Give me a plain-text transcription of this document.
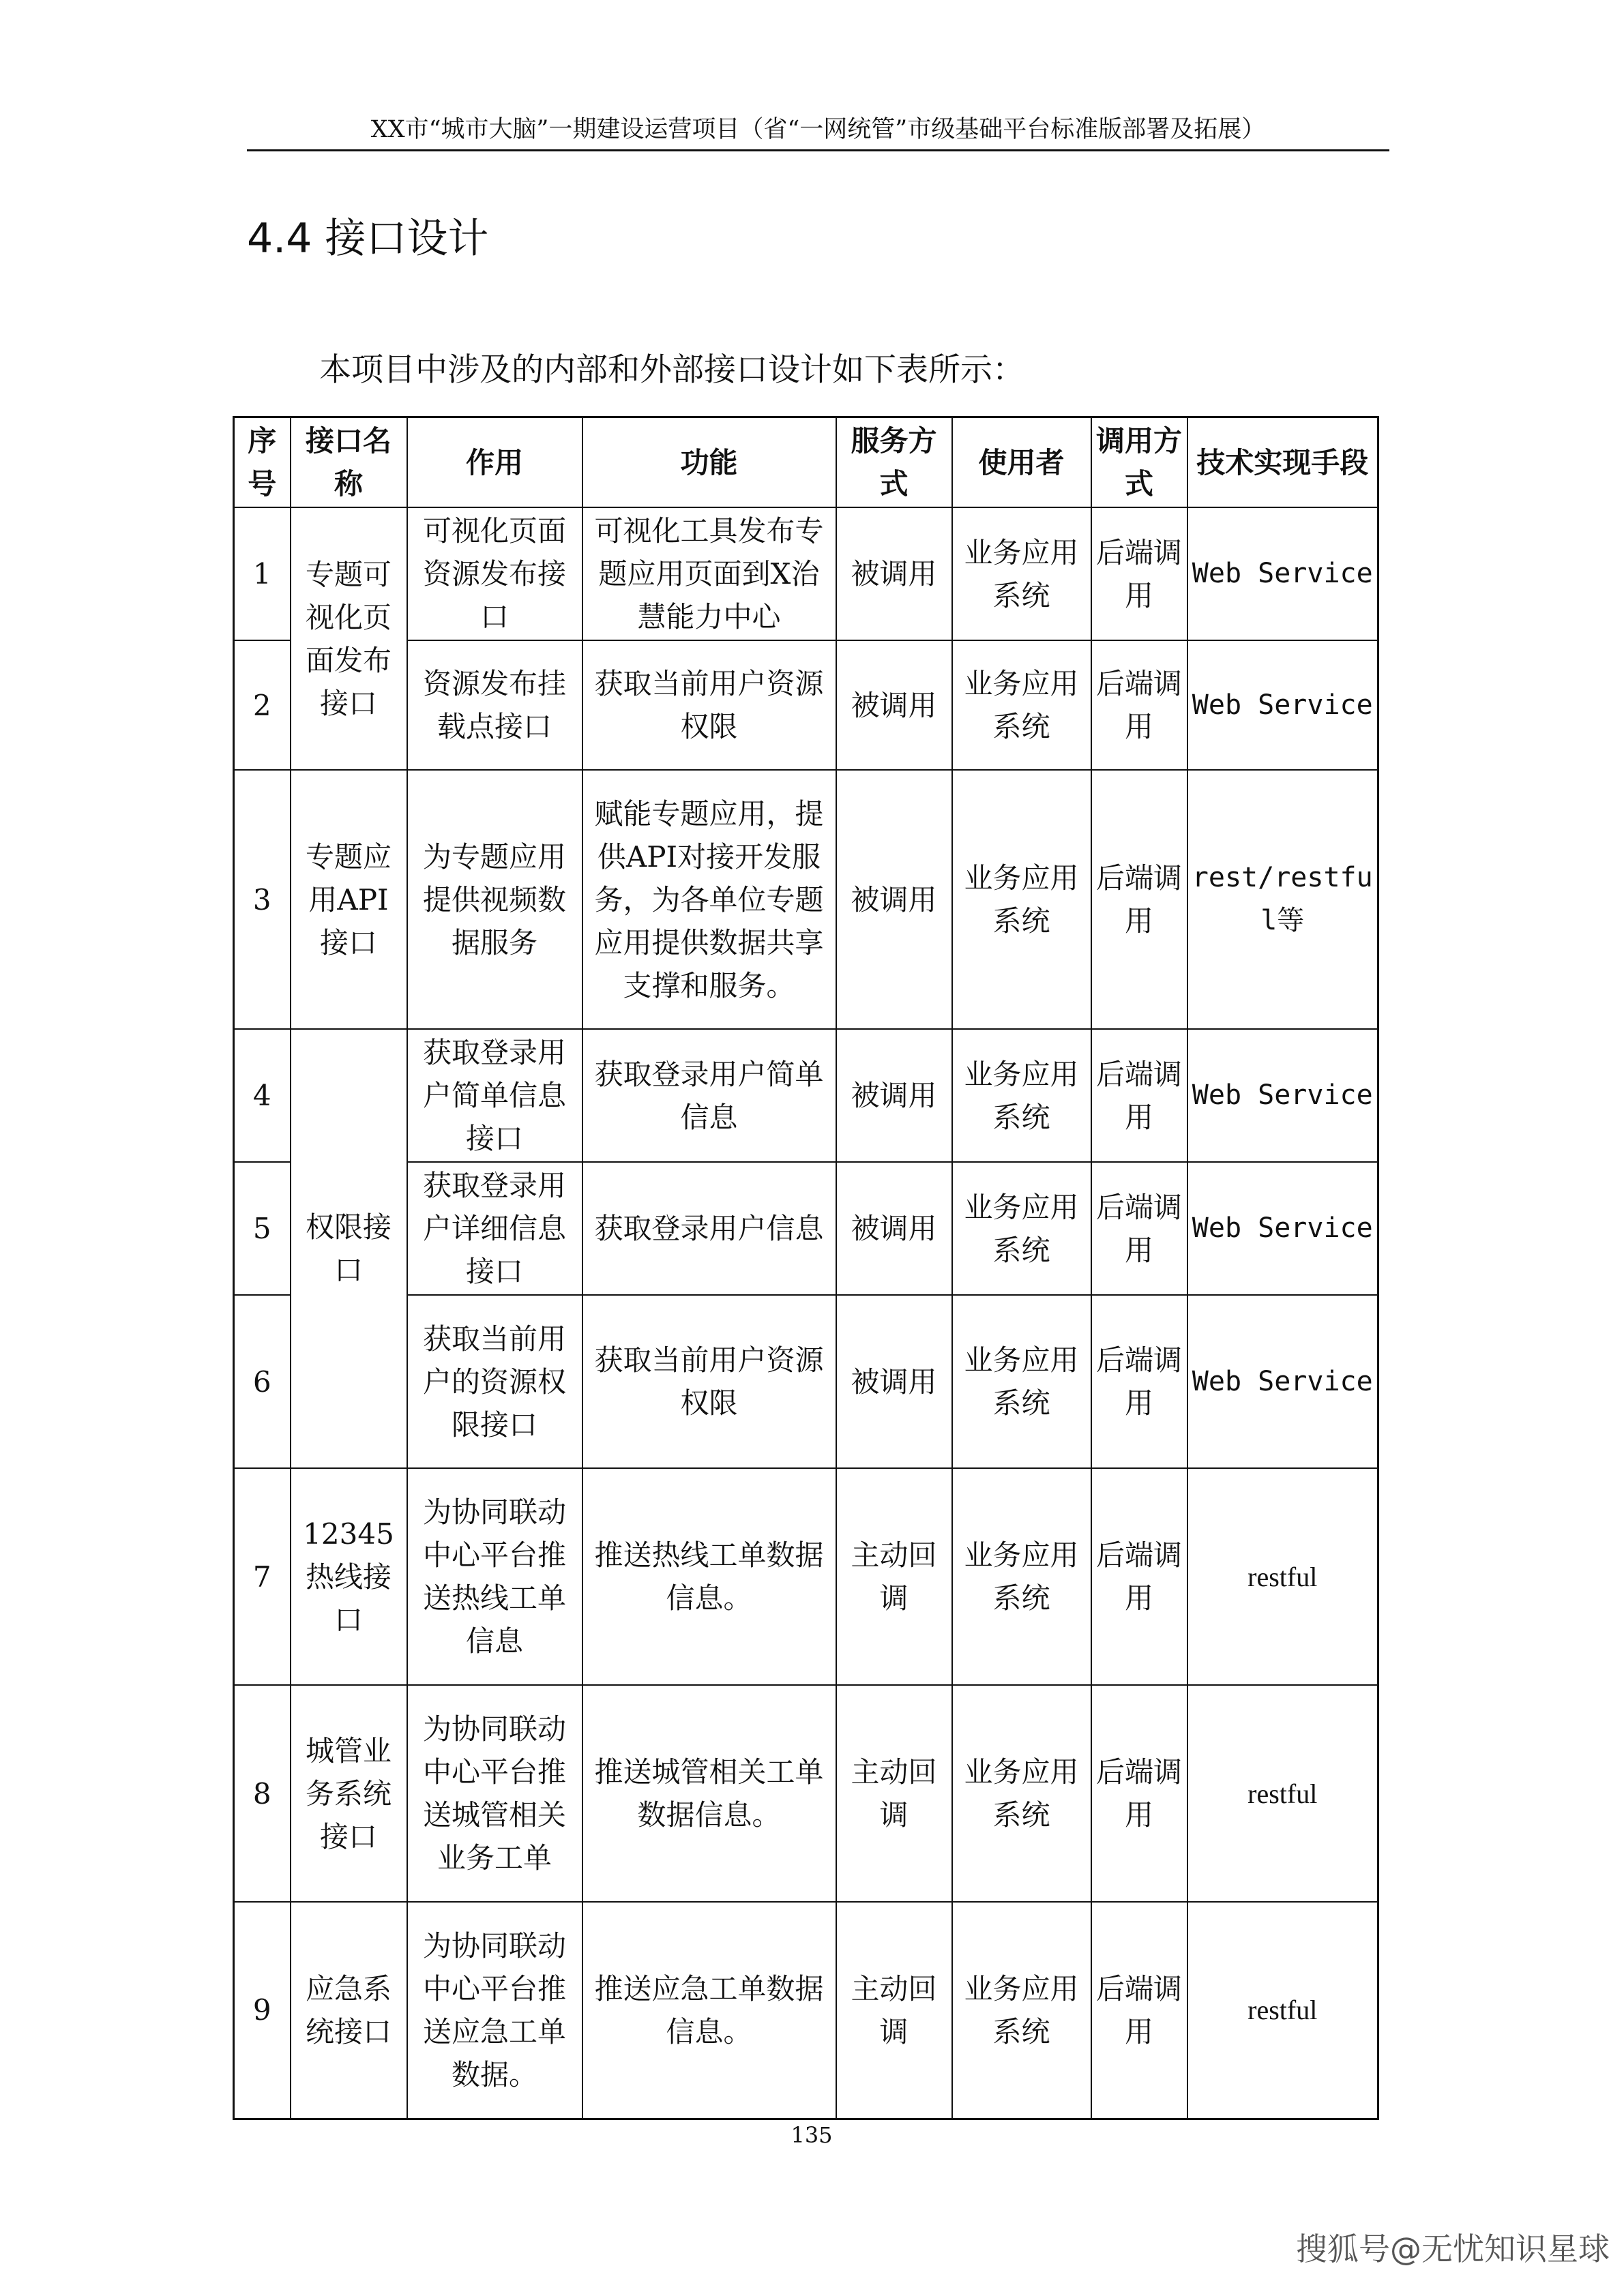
XX市“城市大脑”一期建设运营项目（省“一网统管”市级基础平台标准版部署及拓展）
4.4 接口设计

本项目中涉及的内部和外部接口设计如下表所示：

序号	接口名称	作用	功能	服务方式	使用者	调用方式	技术实现手段
1	专题可视化页面发布接口	可视化页面资源发布接口	可视化工具发布专题应用页面到X治慧能力中心	被调用	业务应用系统	后端调用	Web Service
2		资源发布挂载点接口	获取当前用户资源权限	被调用	业务应用系统	后端调用	Web Service
3	专题应用API接口	为专题应用提供视频数据服务	赋能专题应用，提供API对接开发服务，为各单位专题应用提供数据共享支撑和服务。	被调用	业务应用系统	后端调用	rest/restful等
4	权限接口	获取登录用户简单信息接口	获取登录用户简单信息	被调用	业务应用系统	后端调用	Web Service
5		获取登录用户详细信息接口	获取登录用户信息	被调用	业务应用系统	后端调用	Web Service
6		获取当前用户的资源权限接口	获取当前用户资源权限	被调用	业务应用系统	后端调用	Web Service
7	12345热线接口	为协同联动中心平台推送热线工单信息	推送热线工单数据信息。	主动回调	业务应用系统	后端调用	restful
8	城管业务系统接口	为协同联动中心平台推送城管相关业务工单	推送城管相关工单数据信息。	主动回调	业务应用系统	后端调用	restful
9	应急系统接口	为协同联动中心平台推送应急工单数据。	推送应急工单数据信息。	主动回调	业务应用系统	后端调用	restful
135
搜狐号@无忧知识星球
